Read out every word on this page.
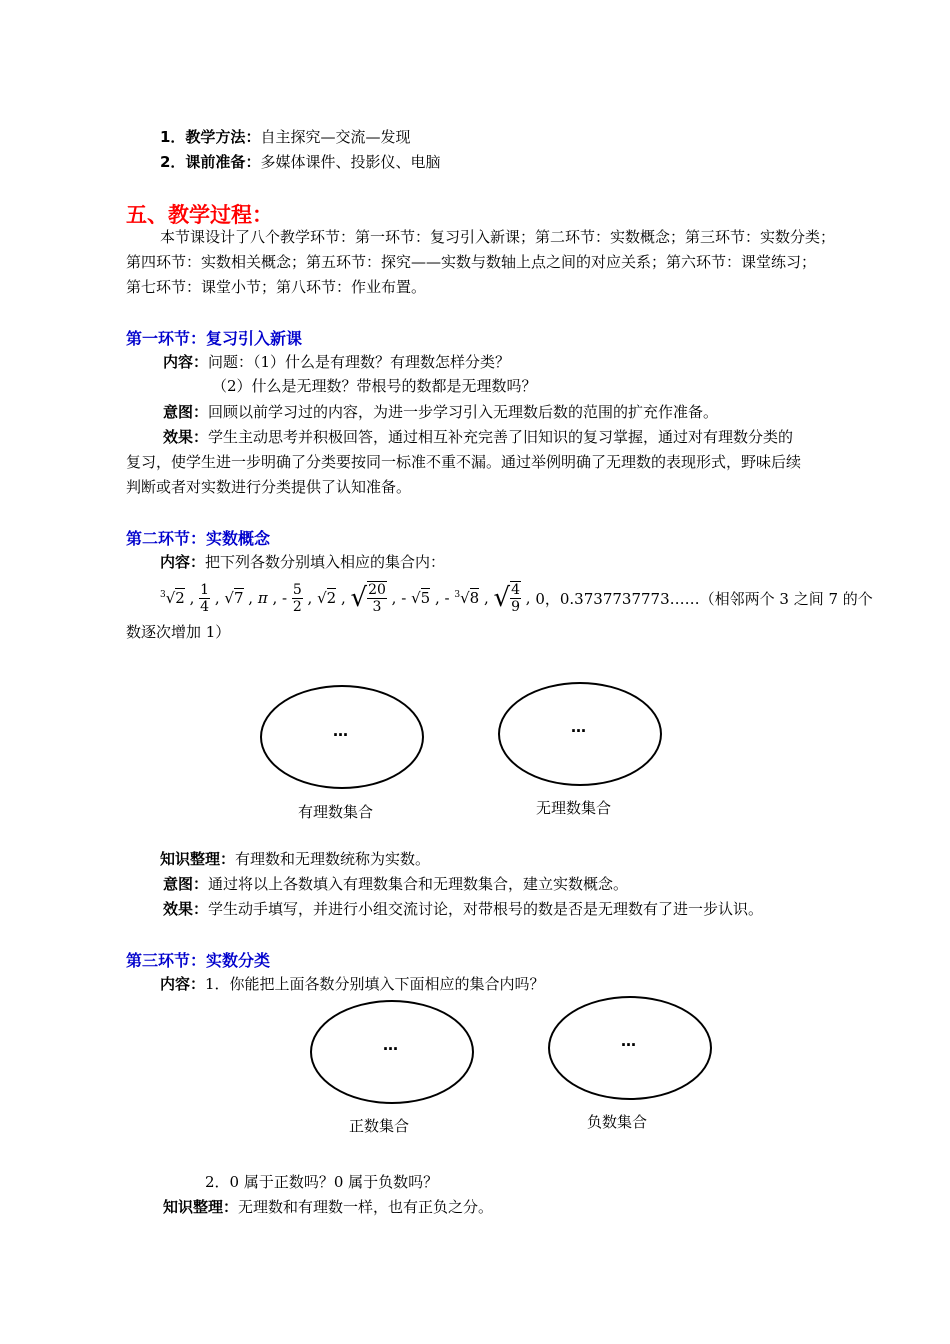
1．教学方法：自主探究—交流—发现
2．课前准备：多媒体课件、投影仪、电脑
五、教学过程：
本节课设计了八个教学环节：第一环节：复习引入新课；第二环节：实数概念；第三环节：实数分类；
第四环节：实数相关概念；第五环节：探究——实数与数轴上点之间的对应关系；第六环节：课堂练习；
第七环节：课堂小节；第八环节：作业布置。
第一环节：复习引入新课
内容：问题：（1）什么是有理数？有理数怎样分类？
（2）什么是无理数？带根号的数都是无理数吗？
意图：回顾以前学习过的内容，为进一步学习引入无理数后数的范围的扩充作准备。
效果：学生主动思考并积极回答，通过相互补充完善了旧知识的复习掌握，通过对有理数分类的
复习，使学生进一步明确了分类要按同一标准不重不漏。通过举例明确了无理数的表现形式，野味后续
判断或者对实数进行分类提供了认知准备。
第二环节：实数概念
内容：把下列各数分别填入相应的集合内：
$^3$√2 , $\frac{1}{4}$ , √7 , π , -
$\frac{5}{2}$ , √2 , √ $\frac{20}{3}$ , -
√5 , -
$^3$√8 , √ $\frac{4}{9}$ , 0，0.3737737773……（相邻两个 3 之间 7 的个
数逐次增加 1）
…
有理数集合
…
无理数集合
知识整理：有理数和无理数统称为实数。
意图：通过将以上各数填入有理数集合和无理数集合，建立实数概念。
效果：学生动手填写，并进行小组交流讨论，对带根号的数是否是无理数有了进一步认识。
第三环节：实数分类
内容：1．你能把上面各数分别填入下面相应的集合内吗？
…
正数集合
…
负数集合
2．0 属于正数吗？0 属于负数吗？
知识整理：无理数和有理数一样，也有正负之分。
